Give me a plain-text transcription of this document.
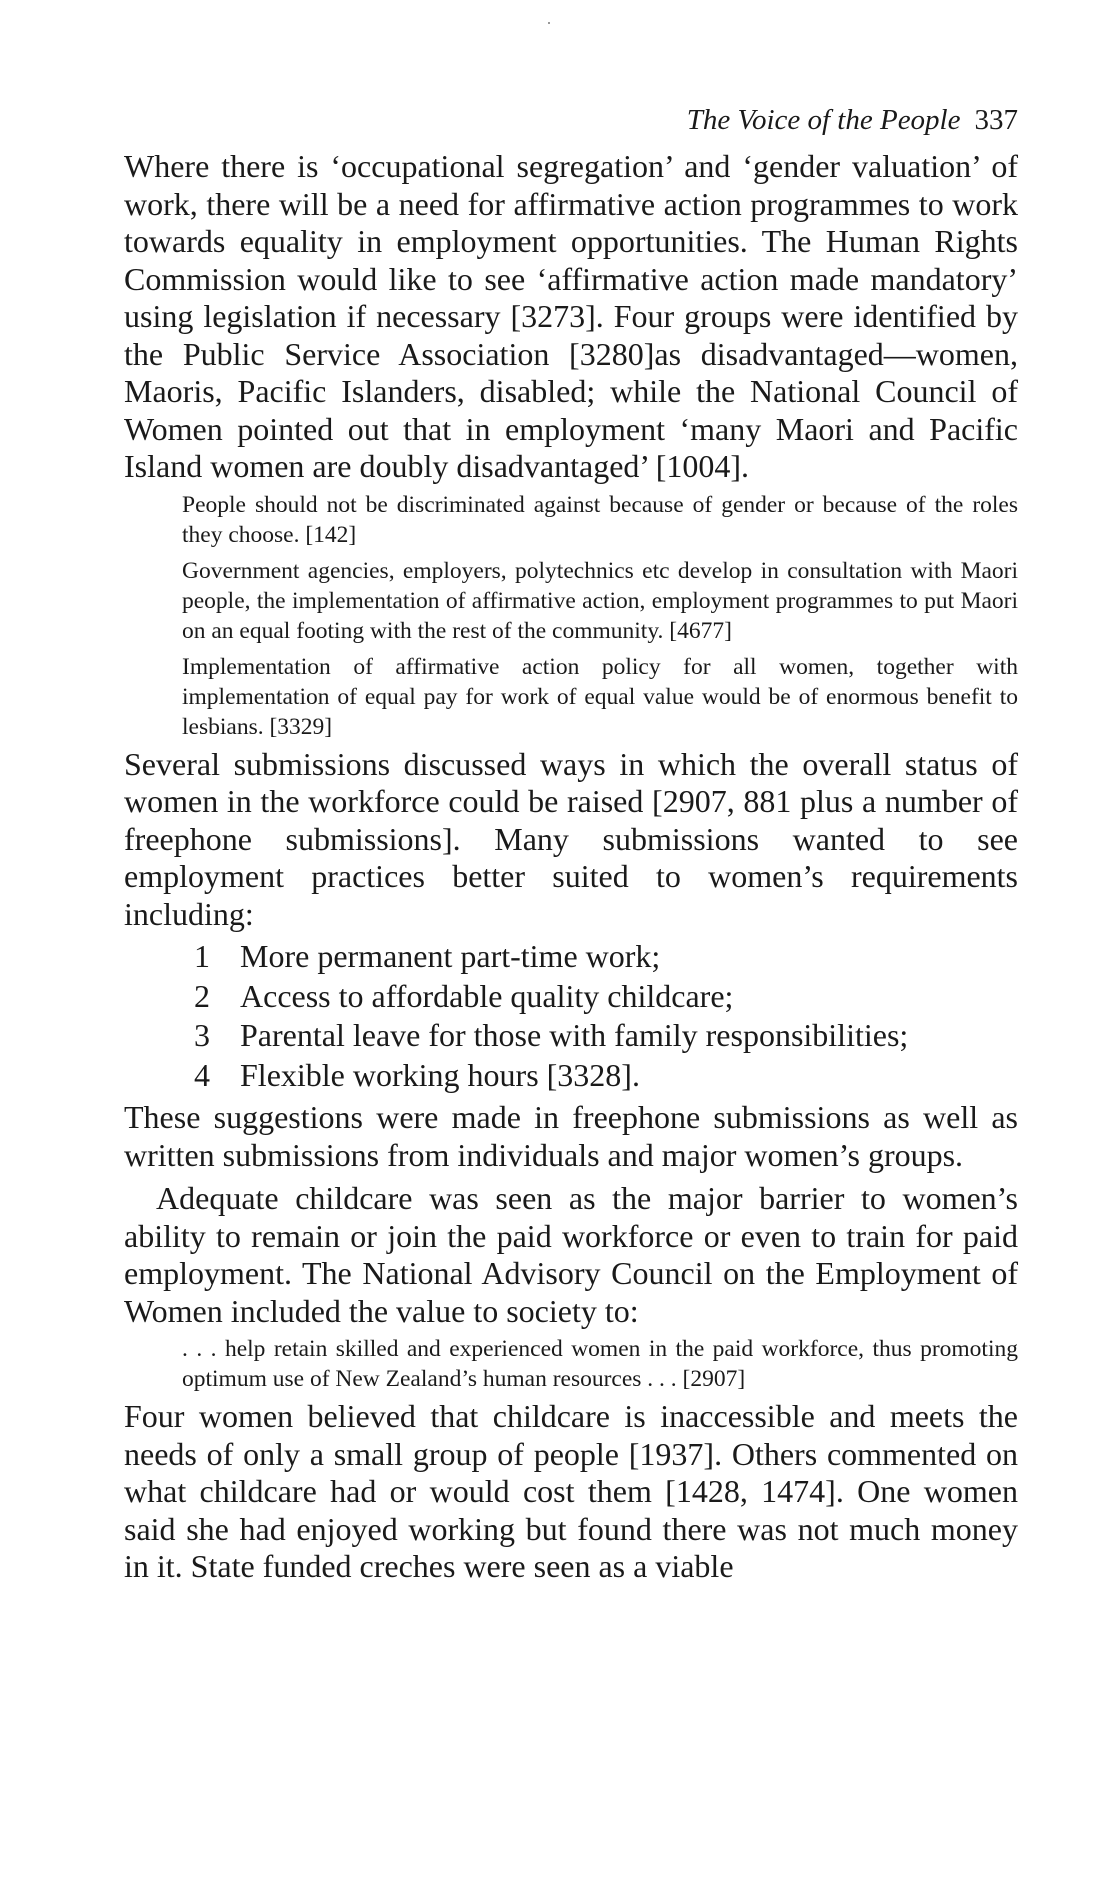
The Voice of the People 337

Where there is ‘occupational segregation’ and ‘gender valuation’ of work, there will be a need for affirmative action programmes to work towards equality in employment opportunities. The Human Rights Commission would like to see ‘affirmative action made mandatory’ using legislation if necessary [3273]. Four groups were identified by the Public Service Association [3280]as disadvantaged—women, Maoris, Pacific Islanders, disabled; while the National Council of Women pointed out that in employment ‘many Maori and Pacific Island women are doubly disadvantaged’ [1004].

People should not be discriminated against because of gender or because of the roles they choose. [142]

Government agencies, employers, polytechnics etc develop in consultation with Maori people, the implementation of affirmative action, employment programmes to put Maori on an equal footing with the rest of the community. [4677]

Implementation of affirmative action policy for all women, together with implementation of equal pay for work of equal value would be of enormous benefit to lesbians. [3329]

Several submissions discussed ways in which the overall status of women in the workforce could be raised [2907, 881 plus a number of freephone submissions]. Many submissions wanted to see employment practices better suited to women’s requirements including:

1 More permanent part-time work;
2 Access to affordable quality childcare;
3 Parental leave for those with family responsibilities;
4 Flexible working hours [3328].

These suggestions were made in freephone submissions as well as written submissions from individuals and major women’s groups.

Adequate childcare was seen as the major barrier to women’s ability to remain or join the paid workforce or even to train for paid employment. The National Advisory Council on the Employment of Women included the value to society to:

. . . help retain skilled and experienced women in the paid workforce, thus promoting optimum use of New Zealand’s human resources . . . [2907]

Four women believed that childcare is inaccessible and meets the needs of only a small group of people [1937]. Others commented on what childcare had or would cost them [1428, 1474]. One women said she had enjoyed working but found there was not much money in it. State funded creches were seen as a viable
